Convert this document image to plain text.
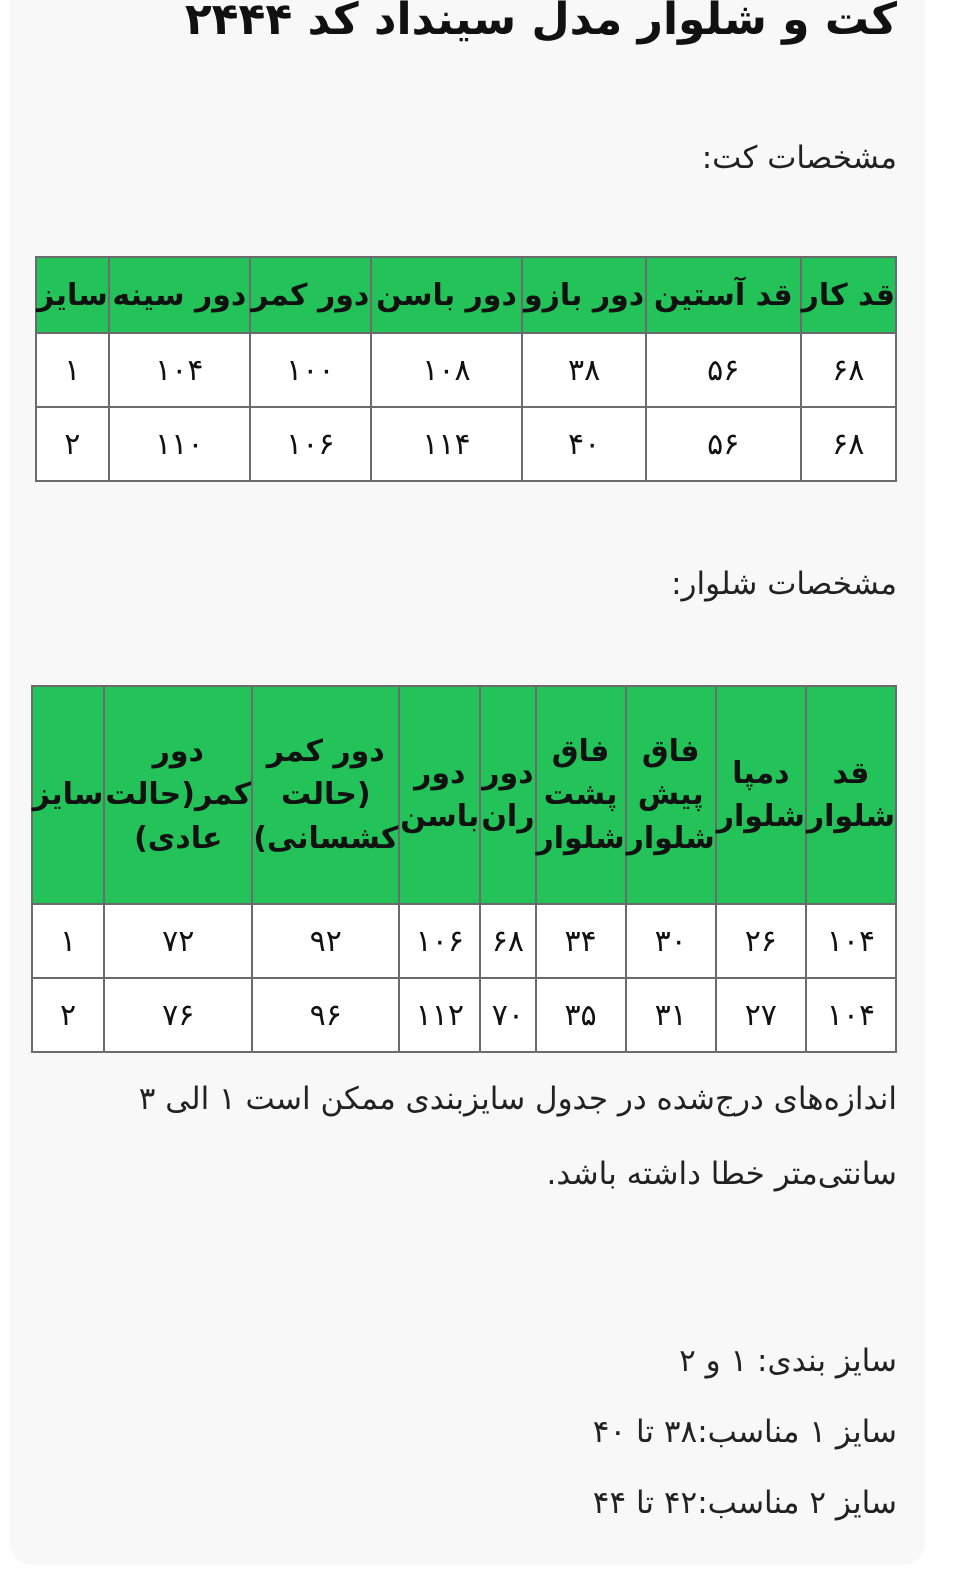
کت و شلوار مدل سینداد کد ۲۴۴۴
مشخصات کت:
قد کار	قد آستین	دور بازو	دور باسن	دور کمر	دور سینه	سایز
۶۸	۵۶	۳۸	۱۰۸	۱۰۰	۱۰۴	۱
۶۸	۵۶	۴۰	۱۱۴	۱۰۶	۱۱۰	۲
مشخصات شلوار:
قد شلوار	دمپا شلوار	فاق پیش شلوار	فاق پشت شلوار	دور ران	دور باسن	دور کمر (حالت کشسانی)	دور کمر(حالت عادی)	سایز
۱۰۴	۲۶	۳۰	۳۴	۶۸	۱۰۶	۹۲	۷۲	۱
۱۰۴	۲۷	۳۱	۳۵	۷۰	۱۱۲	۹۶	۷۶	۲

اندازه‌های درج‌شده در جدول سایزبندی ممکن است ۱ الی ۳ سانتی‌متر خطا داشته باشد.

سایز بندی: ۱ و ۲
سایز ۱ مناسب:۳۸ تا ۴۰
سایز ۲ مناسب:۴۲ تا ۴۴
